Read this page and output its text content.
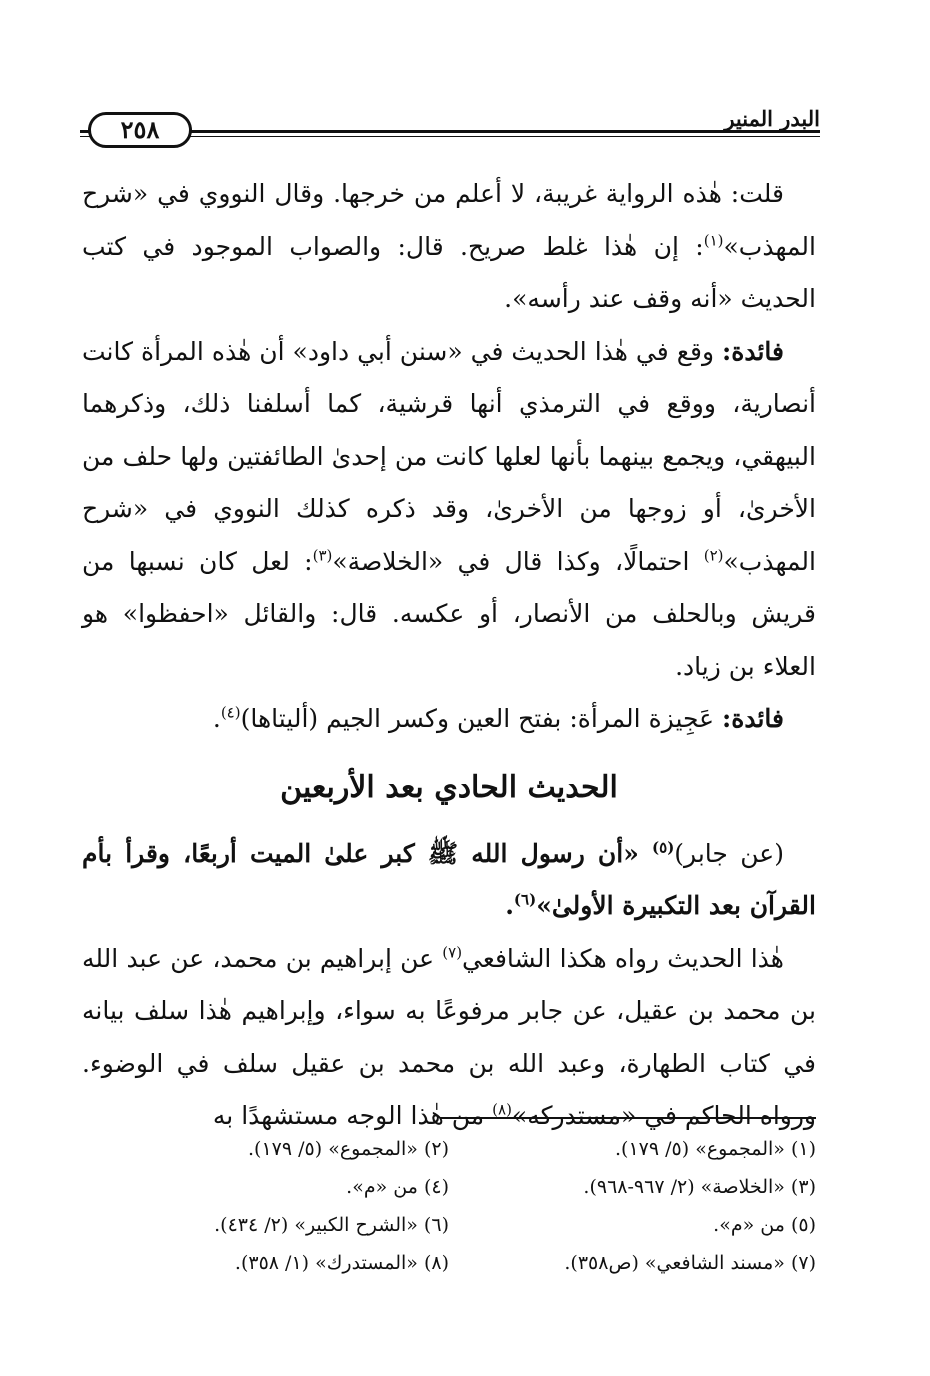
٢٥٨	البدر المنير

قلت: هٰذه الرواية غريبة، لا أعلم من خرجها. وقال النووي في «شرح المهذب»$^{(١)}$: إن هٰذا غلط صريح. قال: والصواب الموجود في كتب الحديث «أنه وقف عند رأسه».

فائدة: وقع في هٰذا الحديث في «سنن أبي داود» أن هٰذه المرأة كانت أنصارية، ووقع في الترمذي أنها قرشية، كما أسلفنا ذلك، وذكرهما البيهقي، ويجمع بينهما بأنها لعلها كانت من إحدىٰ الطائفتين ولها حلف من الأخرىٰ، أو زوجها من الأخرىٰ، وقد ذكره كذلك النووي في «شرح المهذب»$^{(٢)}$ احتمالًا، وكذا قال في «الخلاصة»$^{(٣)}$: لعل كان نسبها من قريش وبالحلف من الأنصار، أو عكسه. قال: والقائل «احفظوا» هو العلاء بن زياد.

فائدة: عَجِيزة المرأة: بفتح العين وكسر الجيم (أليتاها)$^{(٤)}$.

الحديث الحادي بعد الأربعين

(عن جابر)$^{(٥)}$ «أن رسول الله ﷺ كبر علىٰ الميت أربعًا، وقرأ بأم القرآن بعد التكبيرة الأولىٰ»$^{(٦)}$.

هٰذا الحديث رواه هكذا الشافعي$^{(٧)}$ عن إبراهيم بن محمد، عن عبد الله بن محمد بن عقيل، عن جابر مرفوعًا به سواء، وإبراهيم هٰذا سلف بيانه في كتاب الطهارة، وعبد الله بن محمد بن عقيل سلف في الوضوء. ورواه الحاكم في «مستدركه»$^{(٨)}$ من هٰذا الوجه مستشهدًا به

(١) «المجموع» (٥/ ١٧٩).
(٢) «المجموع» (٥/ ١٧٩).
(٣) «الخلاصة» (٢/ ٩٦٧-٩٦٨).
(٤) من «م».
(٥) من «م».
(٦) «الشرح الكبير» (٢/ ٤٣٤).
(٧) «مسند الشافعي» (ص٣٥٨).
(٨) «المستدرك» (١/ ٣٥٨).
